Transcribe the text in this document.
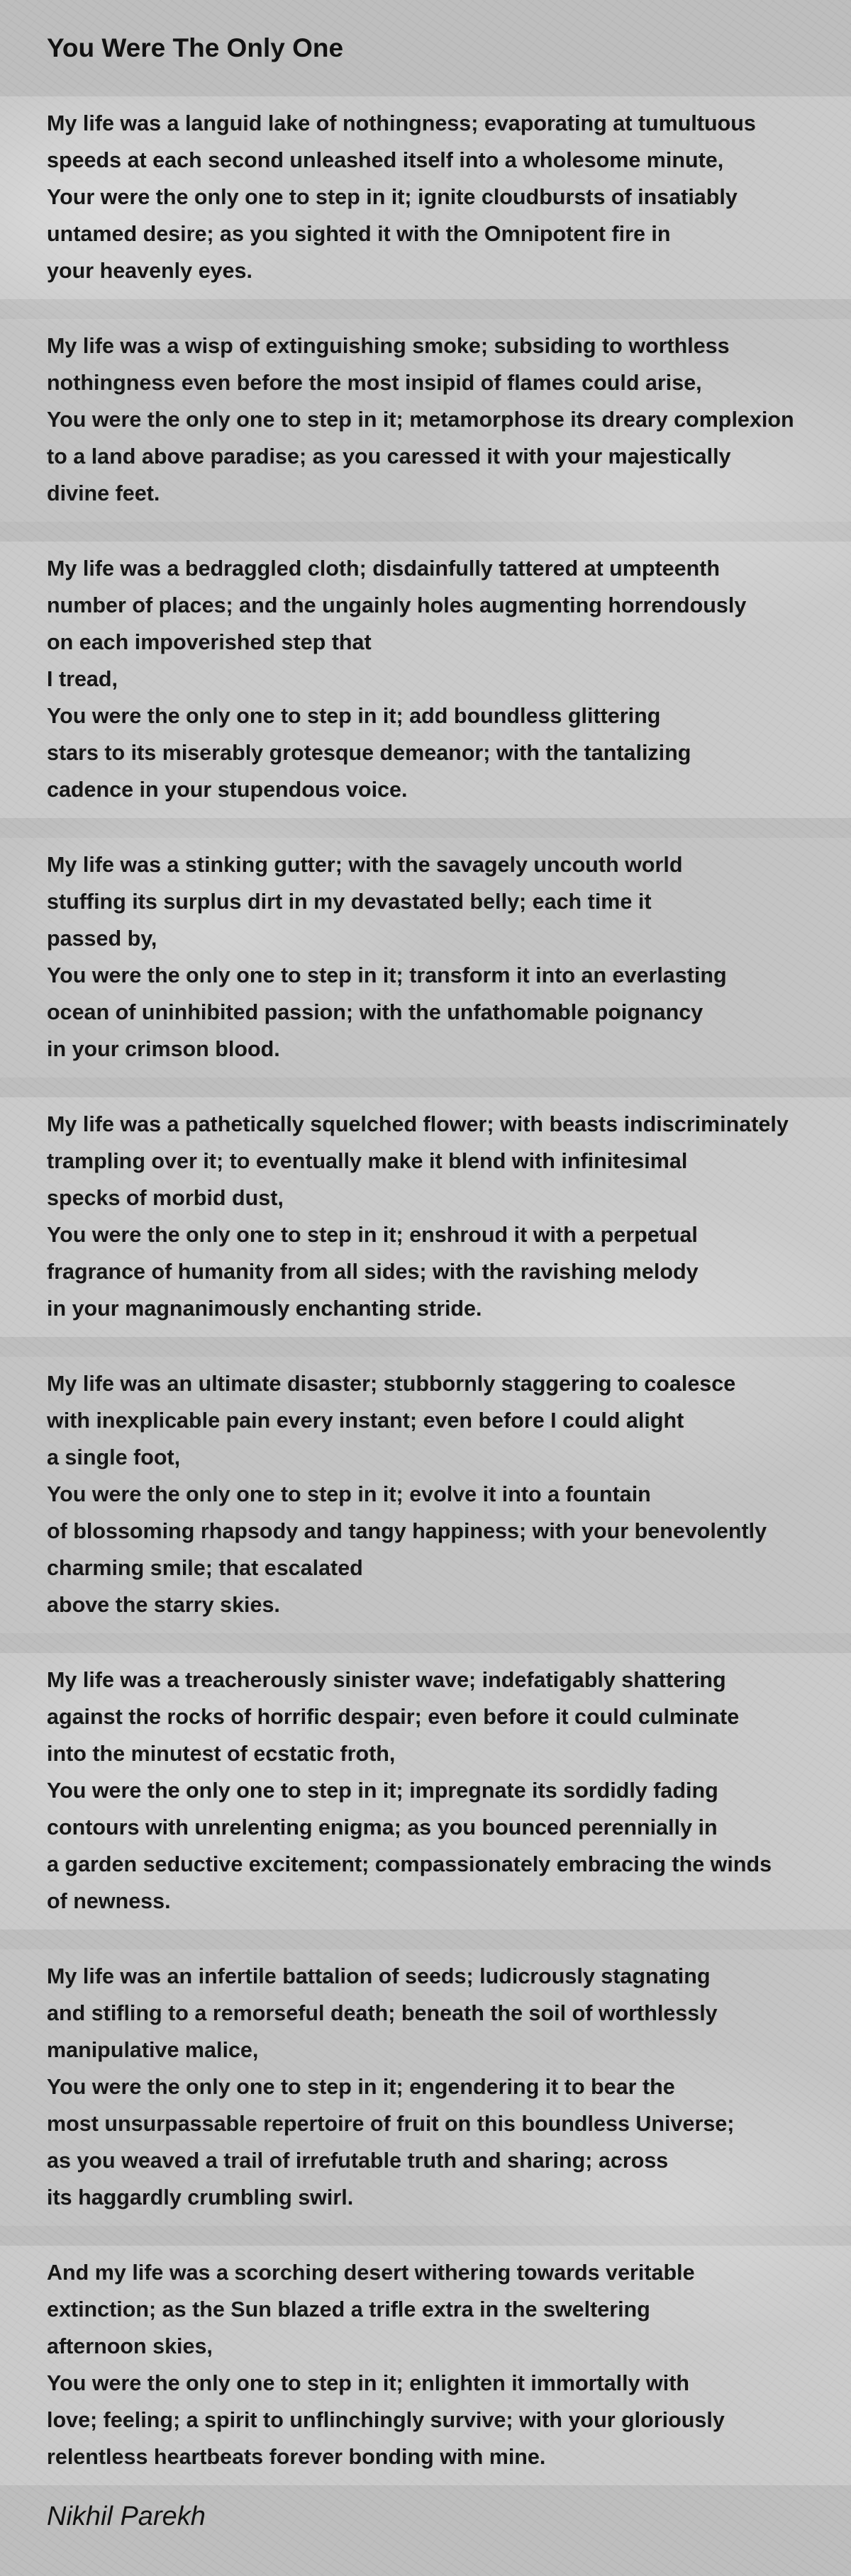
You Were The Only One
My life was a languid lake of nothingness; evaporating at tumultuous
speeds at each second unleashed itself into a wholesome minute,
Your were the only one to step in it; ignite cloudbursts of insatiably
untamed desire; as you sighted it with the Omnipotent fire in
your heavenly eyes.
My life was a wisp of extinguishing smoke; subsiding to worthless
nothingness even before the most insipid of flames could arise,
You were the only one to step in it; metamorphose its dreary complexion
to a land above paradise; as you caressed it with your majestically
divine feet.
My life was a bedraggled cloth; disdainfully tattered at umpteenth
number of places; and the ungainly holes augmenting horrendously
on each impoverished step that
I tread,
You were the only one to step in it; add boundless glittering
stars to its miserably grotesque demeanor; with the tantalizing
cadence in your stupendous voice.
My life was a stinking gutter; with the savagely uncouth world
stuffing its surplus dirt in my devastated belly; each time it
passed by,
You were the only one to step in it; transform it into an everlasting
ocean of uninhibited passion; with the unfathomable poignancy
in your crimson blood.
My life was a pathetically squelched flower; with beasts indiscriminately
trampling over it; to eventually make it blend with infinitesimal
specks of morbid dust,
You were the only one to step in it; enshroud it with a perpetual
fragrance of humanity from all sides; with the ravishing melody
in your magnanimously enchanting stride.
My life was an ultimate disaster; stubbornly staggering to coalesce
with inexplicable pain every instant; even before I could alight
a single foot,
You were the only one to step in it; evolve it into a fountain
of blossoming rhapsody and tangy happiness; with your benevolently
charming smile; that escalated
above the starry skies.
My life was a treacherously sinister wave; indefatigably shattering
against the rocks of horrific despair; even before it could culminate
into the minutest of ecstatic froth,
You were the only one to step in it; impregnate its sordidly fading
contours with unrelenting enigma; as you bounced perennially in
a garden seductive excitement; compassionately embracing the winds
of newness.
My life was an infertile battalion of seeds; ludicrously stagnating
and stifling to a remorseful death; beneath the soil of worthlessly
manipulative malice,
You were the only one to step in it; engendering it to bear the
most unsurpassable repertoire of fruit on this boundless Universe;
as you weaved a trail of irrefutable truth and sharing; across
its haggardly crumbling swirl.
And my life was a scorching desert withering towards veritable
extinction; as the Sun blazed a trifle extra in the sweltering
afternoon skies,
You were the only one to step in it; enlighten it immortally with
love; feeling; a spirit to unflinchingly survive; with your gloriously
relentless heartbeats forever bonding with mine.

Nikhil Parekh
